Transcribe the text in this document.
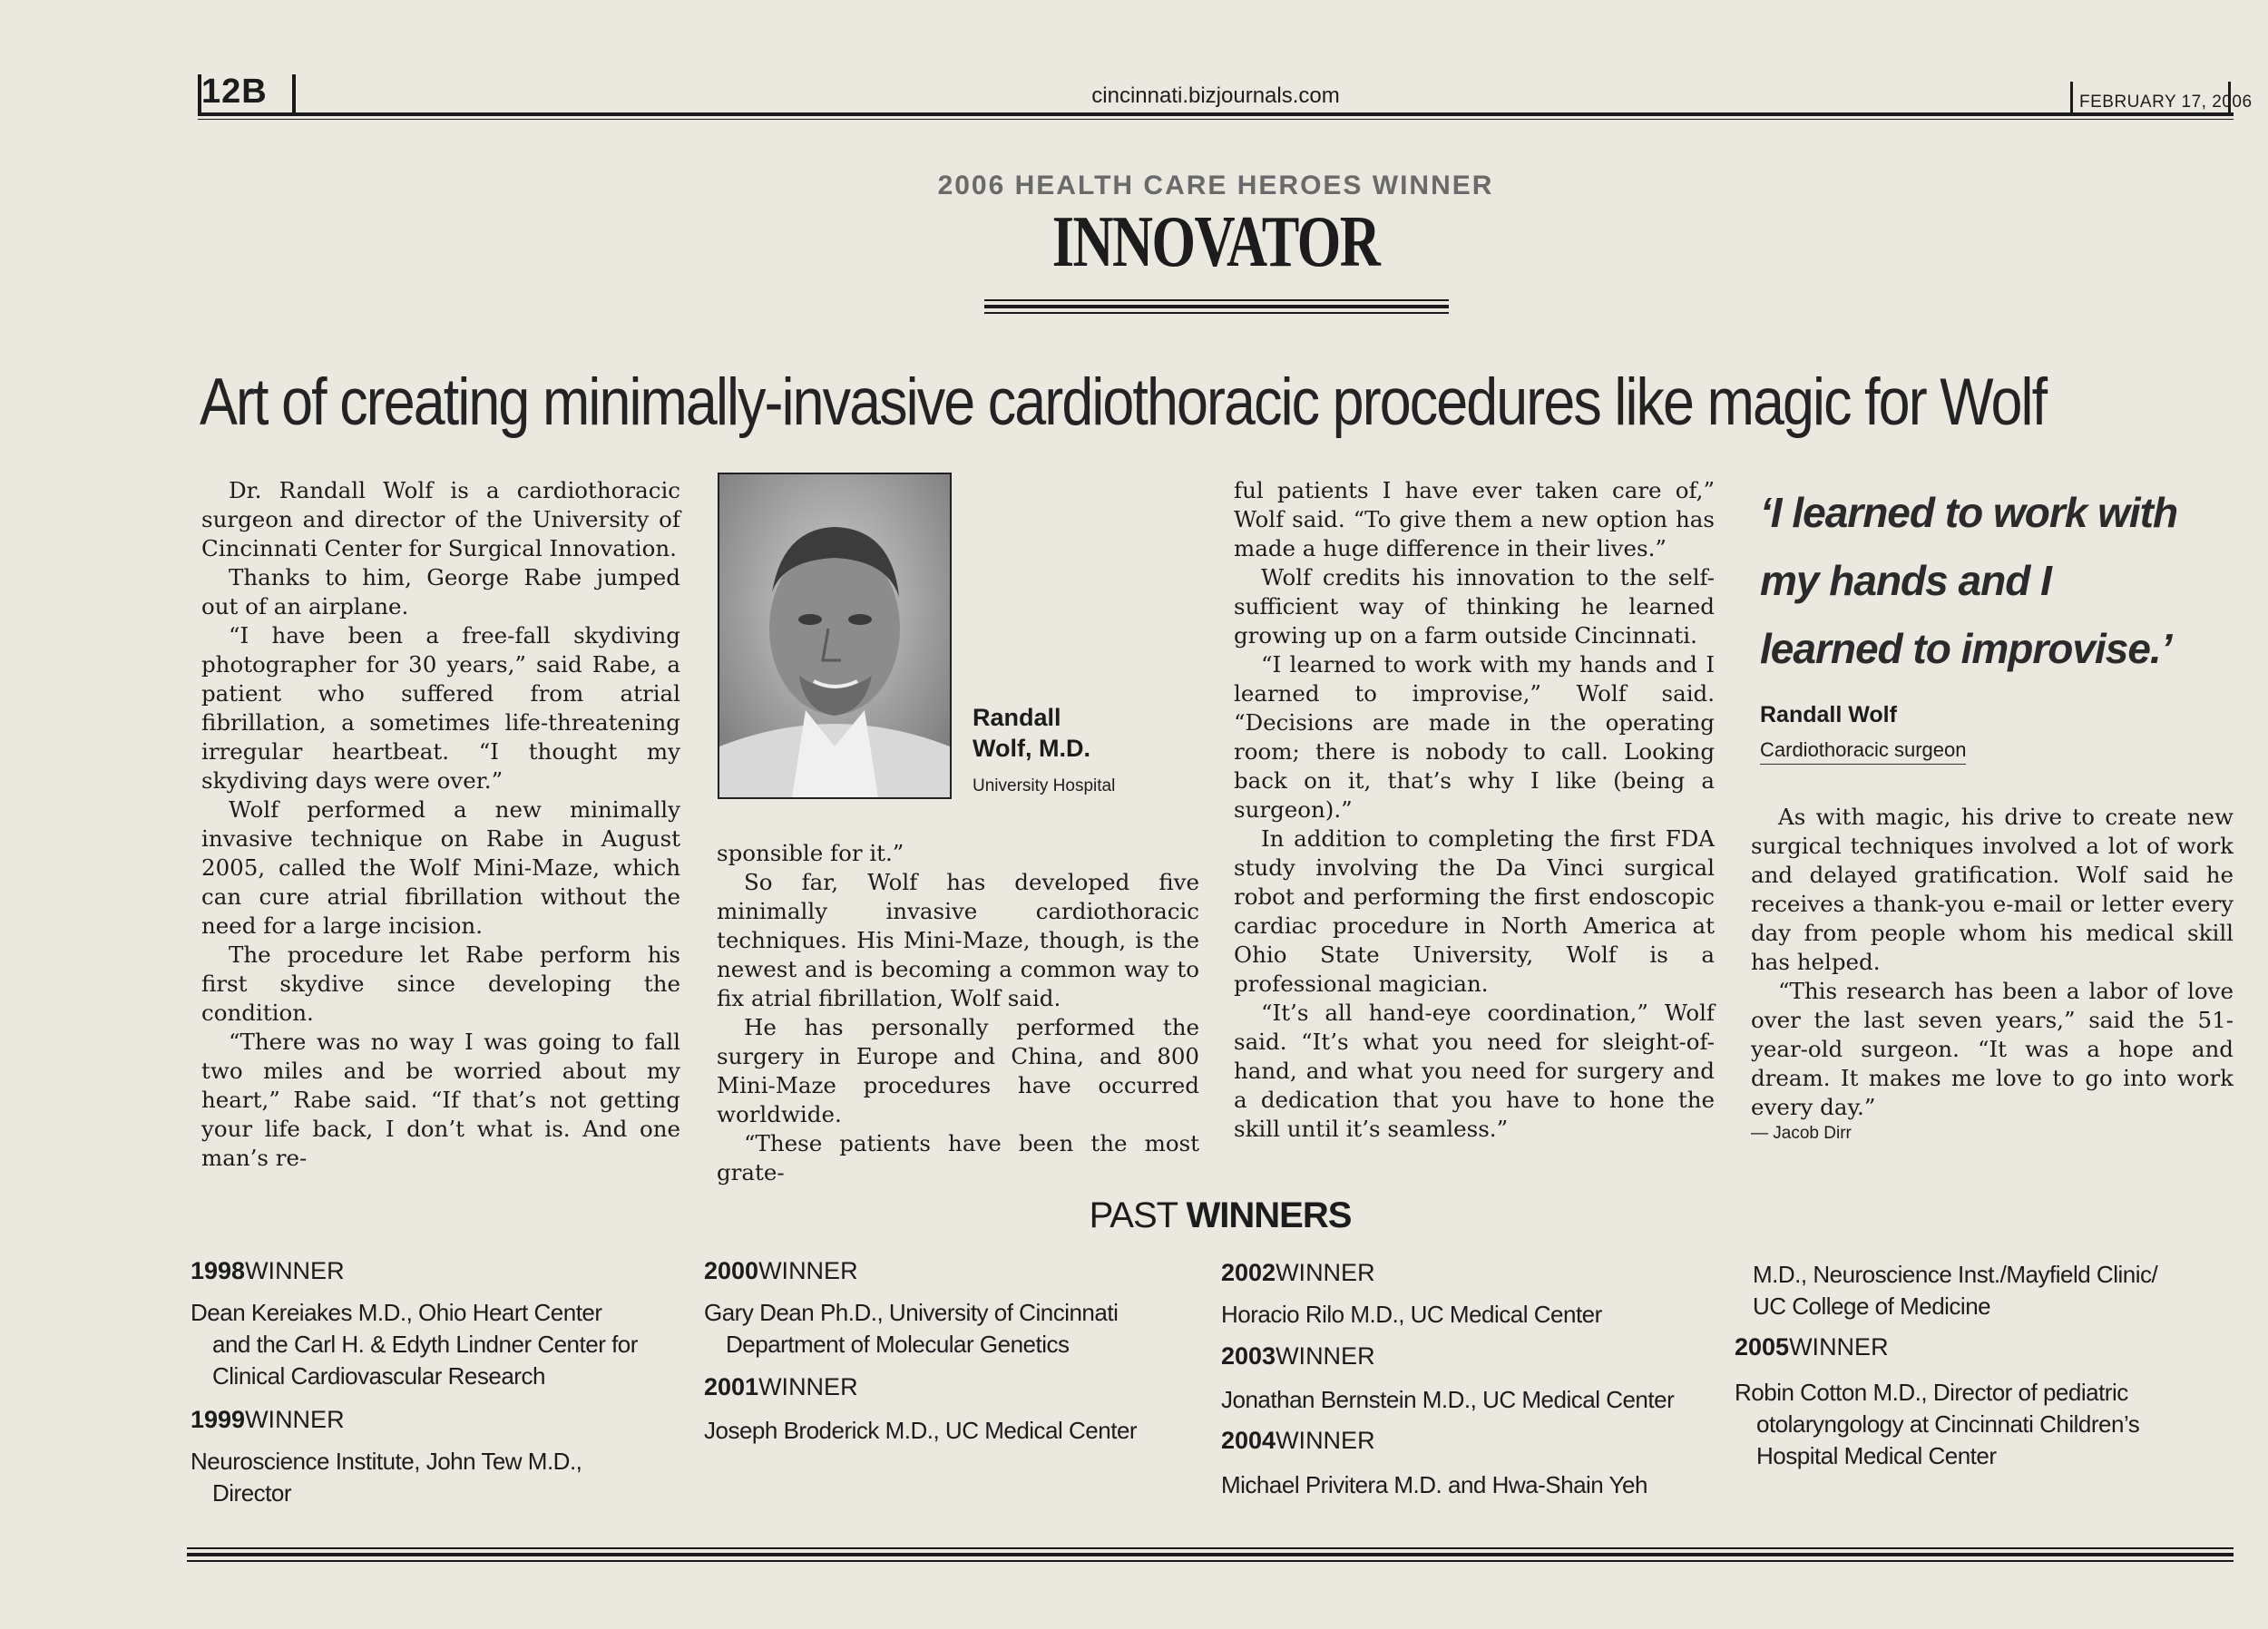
12B	cincinnati.bizjournals.com	FEBRUARY 17, 2006
2006 HEALTH CARE HEROES WINNER
INNOVATOR
Art of creating minimally-invasive cardiothoracic procedures like magic for Wolf

Dr. Randall Wolf is a cardiothoracic surgeon and director of the University of Cincinnati Center for Surgical Innovation.

Thanks to him, George Rabe jumped out of an airplane.

“I have been a free-fall skydiving photographer for 30 years,” said Rabe, a patient who suffered from atrial fibrillation, a sometimes life-threatening irregular heartbeat. “I thought my skydiving days were over.”

Wolf performed a new minimally invasive technique on Rabe in August 2005, called the Wolf Mini-Maze, which can cure atrial fibrillation without the need for a large incision.

The procedure let Rabe perform his first skydive since developing the condition.

“There was no way I was going to fall two miles and be worried about my heart,” Rabe said. “If that’s not getting your life back, I don’t what is. And one man’s re-

Randall
Wolf, M.D.
University Hospital

sponsible for it.”

So far, Wolf has developed five minimally invasive cardiothoracic techniques. His Mini-Maze, though, is the newest and is becoming a common way to fix atrial fibrillation, Wolf said.

He has personally performed the surgery in Europe and China, and 800 Mini-Maze procedures have occurred worldwide.

“These patients have been the most grate-

ful patients I have ever taken care of,” Wolf said. “To give them a new option has made a huge difference in their lives.”

Wolf credits his innovation to the self-sufficient way of thinking he learned growing up on a farm outside Cincinnati.

“I learned to work with my hands and I learned to improvise,” Wolf said. “Decisions are made in the operating room; there is nobody to call. Looking back on it, that’s why I like (being a surgeon).”

In addition to completing the first FDA study involving the Da Vinci surgical robot and performing the first endoscopic cardiac procedure in North America at Ohio State University, Wolf is a professional magician.

“It’s all hand-eye coordination,” Wolf said. “It’s what you need for sleight-of-hand, and what you need for surgery and a dedication that you have to hone the skill until it’s seamless.”

‘I learned to work with my hands and I learned to improvise.’
Randall Wolf
Cardiothoracic surgeon

As with magic, his drive to create new surgical techniques involved a lot of work and delayed gratification. Wolf said he receives a thank-you e-mail or letter every day from people whom his medical skill has helped.

“This research has been a labor of love over the last seven years,” said the 51-year-old surgeon. “It was a hope and dream. It makes me love to go into work every day.”

— Jacob Dirr
PAST WINNERS
1998WINNER
Dean Kereiakes M.D., Ohio Heart Center
and the Carl H. & Edyth Lindner Center for
Clinical Cardiovascular Research
1999WINNER
Neuroscience Institute, John Tew M.D.,
Director
2000WINNER
Gary Dean Ph.D., University of Cincinnati
Department of Molecular Genetics
2001WINNER
Joseph Broderick M.D., UC Medical Center
2002WINNER
Horacio Rilo M.D., UC Medical Center
2003WINNER
Jonathan Bernstein M.D., UC Medical Center
2004WINNER
Michael Privitera M.D. and Hwa-Shain Yeh
M.D., Neuroscience Inst./Mayfield Clinic/
UC College of Medicine
2005WINNER
Robin Cotton M.D., Director of pediatric
otolaryngology at Cincinnati Children’s
Hospital Medical Center
